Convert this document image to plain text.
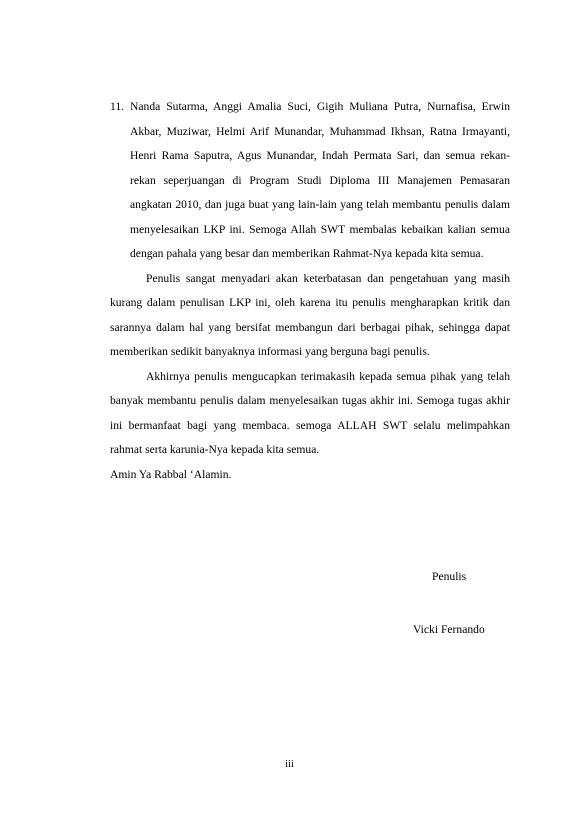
11. Nanda Sutarma, Anggi Amalia Suci, Gigih Muliana Putra, Nurnafisa, Erwin Akbar, Muziwar, Helmi Arif Munandar, Muhammad Ikhsan, Ratna Irmayanti, Henri Rama Saputra, Agus Munandar, Indah Permata Sari, dan semua rekan-rekan seperjuangan di Program Studi Diploma III Manajemen Pemasaran angkatan 2010, dan juga buat yang lain-lain yang telah membantu penulis dalam menyelesaikan LKP ini. Semoga Allah SWT membalas kebaikan kalian semua dengan pahala yang besar dan memberikan Rahmat-Nya kepada kita semua.

Penulis sangat menyadari akan keterbatasan dan pengetahuan yang masih kurang dalam penulisan LKP ini, oleh karena itu penulis mengharapkan kritik dan sarannya dalam hal yang bersifat membangun dari berbagai pihak, sehingga dapat memberikan sedikit banyaknya informasi yang berguna bagi penulis.

Akhirnya penulis mengucapkan terimakasih kepada semua pihak yang telah banyak membantu penulis dalam menyelesaikan tugas akhir ini. Semoga tugas akhir ini bermanfaat bagi yang membaca. semoga ALLAH SWT selalu melimpahkan rahmat serta karunia-Nya kepada kita semua.

Amin Ya Rabbal ‘Alamin.

Penulis
Vicki Fernando
iii
